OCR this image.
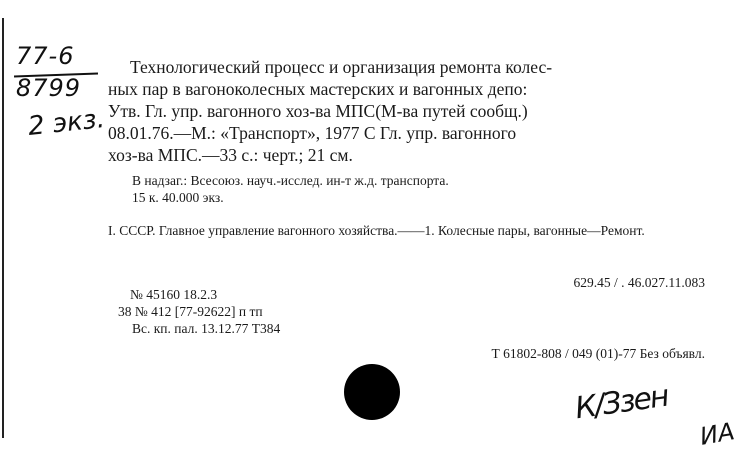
77-6
8799
2 экз.
Технологический процесс и организация ремонта колес-
ных пар в вагоноколесных мастерских и вагонных депо:
Утв. Гл. упр. вагонного хоз-ва МПС(М-ва путей сообщ.)
08.01.76.—М.: «Транспорт», 1977 С Гл. упр. вагонного
хоз-ва МПС.—33 с.: черт.; 21 см.
В надзаг.: Всесоюз. науч.-исслед. ин-т ж.д. транспорта.
15 к. 40.000 экз.
I. СССР. Главное управление вагонного хозяйства.——1. Колесные пары, вагонные—Ремонт.
629.45 / . 46.027.11.083
№ 45160 18.2.3
38 № 412 [77-92622] п тп
Вс. кп. пал. 13.12.77 Т384
Т 61802-808 / 049 (01)-77 Без объявл.
К/Ззен
ИА
